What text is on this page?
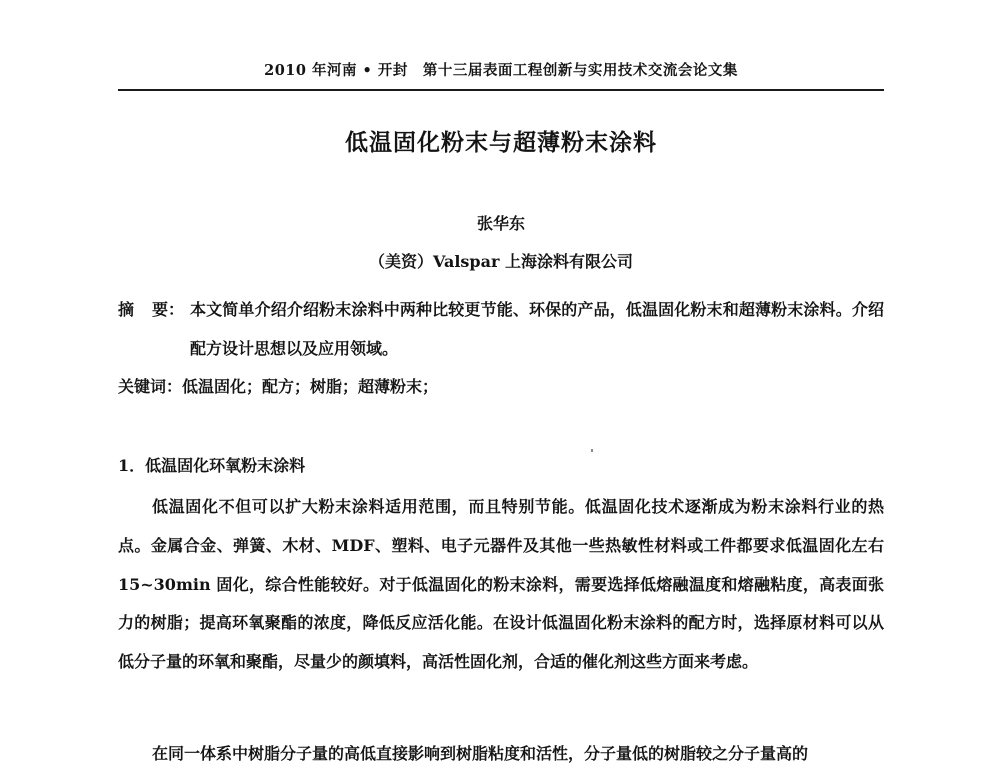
2010 年河南 • 开封　第十三届表面工程创新与实用技术交流会论文集
低温固化粉末与超薄粉末涂料
张华东
（美资）Valspar 上海涂料有限公司
摘 要： 本文简单介绍介绍粉末涂料中两种比较更节能、环保的产品，低温固化粉末和超薄粉末涂料。介绍配方设计思想以及应用领域。
关键词：低温固化；配方；树脂；超薄粉末；
1．低温固化环氧粉末涂料
低温固化不但可以扩大粉末涂料适用范围，而且特别节能。低温固化技术逐渐成为粉末涂料行业的热点。金属合金、弹簧、木材、MDF、塑料、电子元器件及其他一些热敏性材料或工件都要求低温固化左右 15~30min 固化，综合性能较好。对于低温固化的粉末涂料，需要选择低熔融温度和熔融粘度，高表面张力的树脂；提高环氧聚酯的浓度，降低反应活化能。在设计低温固化粉末涂料的配方时，选择原材料可以从低分子量的环氧和聚酯，尽量少的颜填料，高活性固化剂，合适的催化剂这些方面来考虑。
在同一体系中树脂分子量的高低直接影响到树脂粘度和活性，分子量低的树脂较之分子量高的
